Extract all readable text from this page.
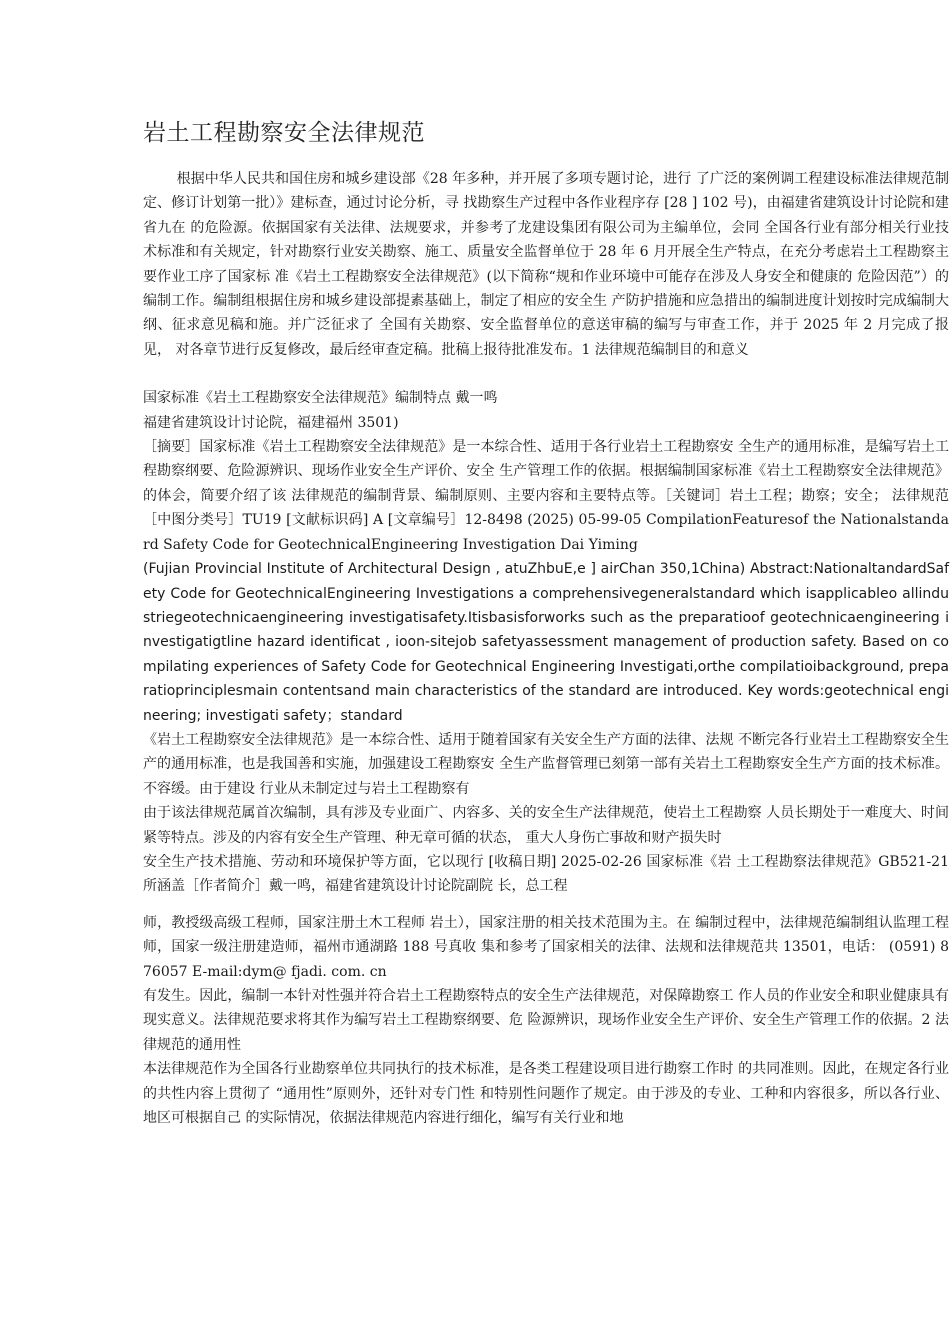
岩土工程勘察安全法律规范

根据中华人民共和国住房和城乡建设部《28 年多种，并开展了多项专题讨论，进行 了广泛的案例调工程建设标准法律规范制定、修订计划第一批）》建标查，通过讨论分析，寻 找勘察生产过程中各作业程序存 [28 ] 102 号)，由福建省建筑设计讨论院和建省九在 的危险源。依据国家有关法律、法规要求，并参考了龙建设集团有限公司为主编单位，会同 全国各行业有部分相关行业技术标准和有关规定，针对勘察行业安关勘察、施工、质量安全监督单位于 28 年 6 月开展全生产特点，在充分考虑岩土工程勘察主要作业工序了国家标 准《岩土工程勘察安全法律规范》(以下简称“规和作业环境中可能存在涉及人身安全和健康的 危险因范”）的编制工作。编制组根据住房和城乡建设部提素基础上，制定了相应的安全生 产防护措施和应急措出的编制进度计划按时完成编制大纲、征求意见稿和施。并广泛征求了 全国有关勘察、安全监督单位的意送审稿的编写与审查工作，并于 2025 年 2 月完成了报见， 对各章节进行反复修改，最后经审查定稿。批稿上报待批准发布。1 法律规范编制目的和意义

国家标准《岩土工程勘察安全法律规范》编制特点 戴一鸣

福建省建筑设计讨论院，福建福州 3501)

［摘要］国家标准《岩土工程勘察安全法律规范》是一本综合性、适用于各行业岩土工程勘察安 全生产的通用标准，是编写岩土工程勘察纲要、危险源辨识、现场作业安全生产评价、安全 生产管理工作的依据。根据编制国家标准《岩土工程勘察安全法律规范》的体会，简要介绍了该 法律规范的编制背景、编制原则、主要内容和主要特点等。［关键词］岩土工程；勘察；安全； 法律规范［中图分类号］TU19 [文献标识码] A [文章编号］12-8498 (2025) 05-99-05 CompilationFeaturesof the Nationalstandard Safety Code for GeotechnicalEngineering Investigation Dai Yiming

(Fujian Provincial Institute of Architectural Design , atuZhbuE,e ] airChan 350,1China) Abstract:NationaltandardSafety Code for GeotechnicalEngineering Investigations a comprehensivegeneralstandard which isapplicableo allindustriegeotechnicaengineering investigatisafety.Itisbasisforworks such as the preparatioof geotechnicaengineering investigatigtline hazard identificat , ioon-sitejob safetyassessment management of production safety. Based on compilating experiences of Safety Code for Geotechnical Engineering Investigati,orthe compilatioibackground, preparatioprinciplesmain contentsand main characteristics of the standard are introduced. Key words:geotechnical engineering; investigati safety；standard

《岩土工程勘察安全法律规范》是一本综合性、适用于随着国家有关安全生产方面的法律、法规 不断完各行业岩土工程勘察安全生产的通用标准，也是我国善和实施，加强建设工程勘察安 全生产监督管理已刻第一部有关岩土工程勘察安全生产方面的技术标准。不容缓。由于建设 行业从未制定过与岩土工程勘察有

由于该法律规范属首次编制，具有涉及专业面广、内容多、关的安全生产法律规范，使岩土工程勘察 人员长期处于一难度大、时间紧等特点。涉及的内容有安全生产管理、种无章可循的状态， 重大人身伤亡事故和财产损失时

安全生产技术措施、劳动和环境保护等方面，它以现行 [收稿日期] 2025-02-26 国家标准《岩 土工程勘察法律规范》GB521-21 所涵盖［作者简介］戴一鸣，福建省建筑设计讨论院副院 长，总工程

师，教授级高级工程师，国家注册土木工程师 岩土），国家注册的相关技术范围为主。在 编制过程中，法律规范编制组认监理工程师，国家一级注册建造师，福州市通湖路 188 号真收 集和参考了国家相关的法律、法规和法律规范共 13501，电话： (0591) 876057 E-mail:dym@ fjadi. com. cn

有发生。因此，编制一本针对性强并符合岩土工程勘察特点的安全生产法律规范，对保障勘察工 作人员的作业安全和职业健康具有现实意义。法律规范要求将其作为编写岩土工程勘察纲要、危 险源辨识，现场作业安全生产评价、安全生产管理工作的依据。2 法律规范的通用性

本法律规范作为全国各行业勘察单位共同执行的技术标准，是各类工程建设项目进行勘察工作时 的共同准则。因此，在规定各行业的共性内容上贯彻了 “通用性”原则外，还针对专门性 和特别性问题作了规定。由于涉及的专业、工种和内容很多，所以各行业、地区可根据自己 的实际情况，依据法律规范内容进行细化，编写有关行业和地
